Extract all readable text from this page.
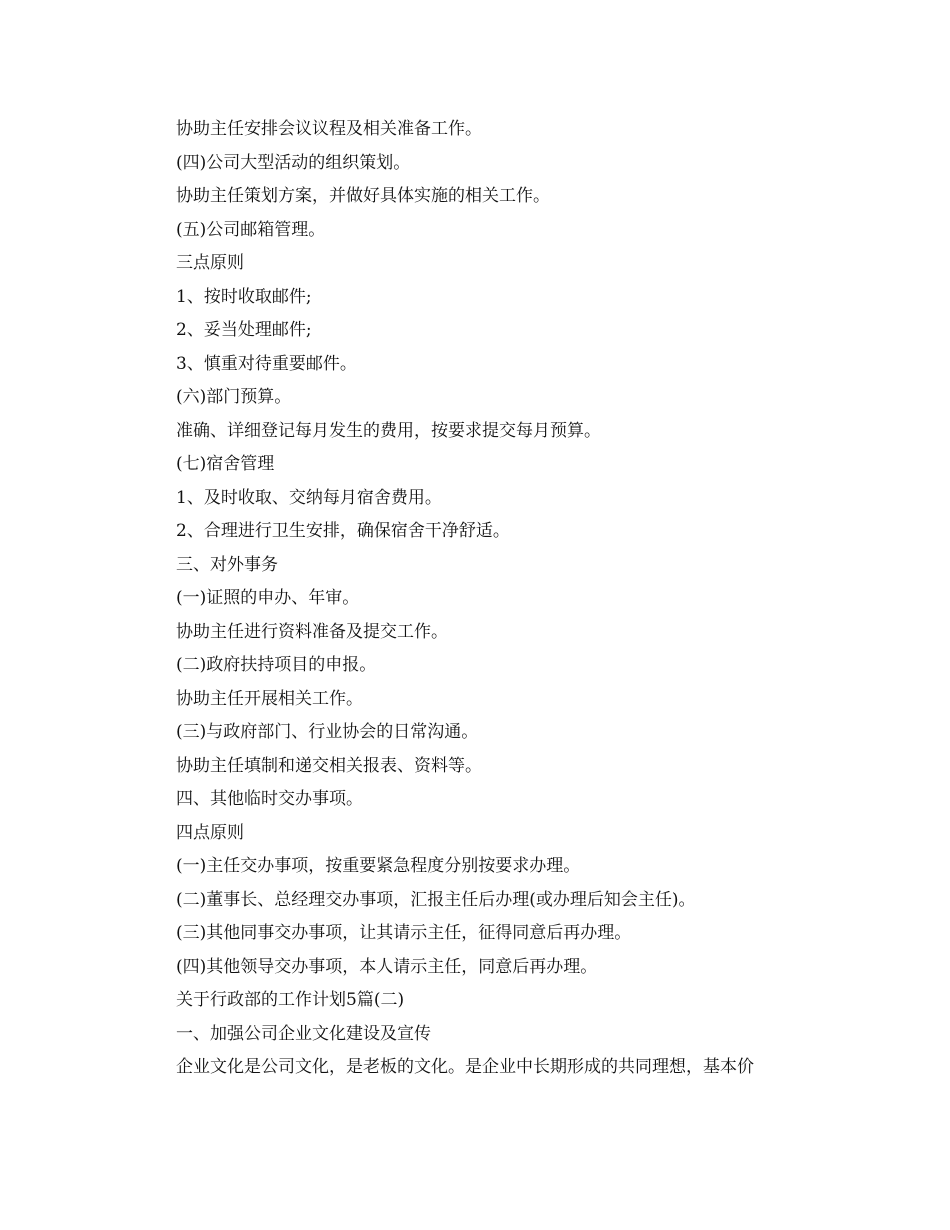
协助主任安排会议议程及相关准备工作。
(四)公司大型活动的组织策划。
协助主任策划方案，并做好具体实施的相关工作。
(五)公司邮箱管理。
三点原则
1、按时收取邮件;
2、妥当处理邮件;
3、慎重对待重要邮件。
(六)部门预算。
准确、详细登记每月发生的费用，按要求提交每月预算。
(七)宿舍管理
1、及时收取、交纳每月宿舍费用。
2、合理进行卫生安排，确保宿舍干净舒适。
三、对外事务
(一)证照的申办、年审。
协助主任进行资料准备及提交工作。
(二)政府扶持项目的申报。
协助主任开展相关工作。
(三)与政府部门、行业协会的日常沟通。
协助主任填制和递交相关报表、资料等。
四、其他临时交办事项。
四点原则
(一)主任交办事项，按重要紧急程度分别按要求办理。
(二)董事长、总经理交办事项，汇报主任后办理(或办理后知会主任)。
(三)其他同事交办事项，让其请示主任，征得同意后再办理。
(四)其他领导交办事项，本人请示主任，同意后再办理。
关于行政部的工作计划5篇(二)
一、加强公司企业文化建设及宣传
企业文化是公司文化，是老板的文化。是企业中长期形成的共同理想，基本价
